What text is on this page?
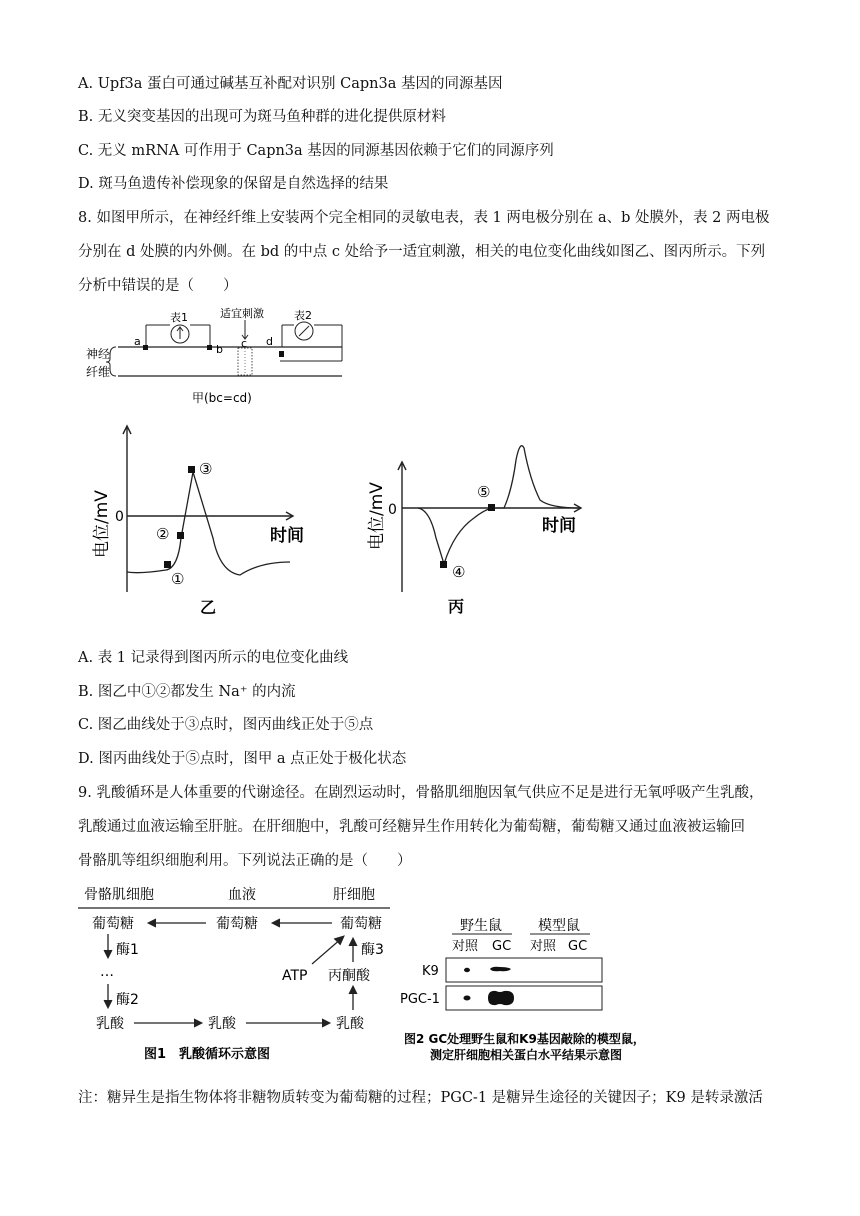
A. Upf3a 蛋白可通过碱基互补配对识别 Capn3a 基因的同源基因
B. 无义突变基因的出现可为斑马鱼种群的进化提供原材料
C. 无义 mRNA 可作用于 Capn3a 基因的同源基因依赖于它们的同源序列
D. 斑马鱼遗传补偿现象的保留是自然选择的结果
8. 如图甲所示，在神经纤维上安装两个完全相同的灵敏电表，表 1 两电极分别在 a、b 处膜外，表 2 两电极
分别在 d 处膜的内外侧。在 bd 的中点 c 处给予一适宜刺激，相关的电位变化曲线如图乙、图丙所示。下列
分析中错误的是（　　）
神经
纤维
表1
a
b
适宜刺激
c
表2
d
甲(bc=cd)
0
电位/mV	时间
①
②
③
乙
0
电位/mV	时间
④
⑤
丙
A. 表 1 记录得到图丙所示的电位变化曲线
B. 图乙中①②都发生 Na⁺ 的内流
C. 图乙曲线处于③点时，图丙曲线正处于⑤点
D. 图丙曲线处于⑤点时，图甲 a 点正处于极化状态
9. 乳酸循环是人体重要的代谢途径。在剧烈运动时，骨骼肌细胞因氧气供应不足是进行无氧呼吸产生乳酸，
乳酸通过血液运输至肝脏。在肝细胞中，乳酸可经糖异生作用转化为葡萄糖，葡萄糖又通过血液被运输回
骨骼肌等组织细胞利用。下列说法正确的是（　　）
骨骼肌细胞	血液	肝细胞
葡萄糖	葡萄糖	葡萄糖
酶1
…
酶2
乳酸	乳酸	乳酸
丙酮酸
酶3
ATP
图1　乳酸循环示意图
野生鼠	模型鼠
对照 GC 对照 GC
K9
PGC-1
图2 GC处理野生鼠和K9基因敲除的模型鼠，
测定肝细胞相关蛋白水平结果示意图
注：糖异生是指生物体将非糖物质转变为葡萄糖的过程；PGC-1 是糖异生途径的关键因子；K9 是转录激活
